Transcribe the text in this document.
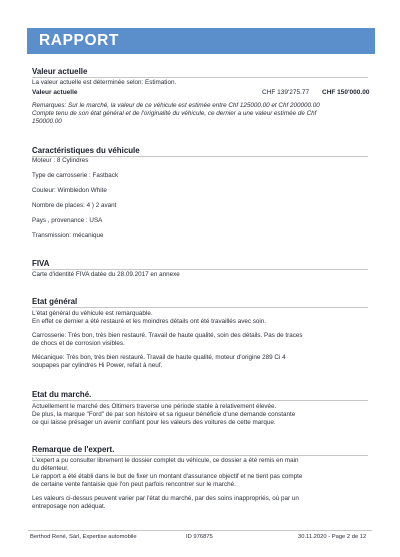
RAPPORT
Valeur actuelle
La valeur actuelle est déterminée selon: Estimation.
Valeur actuelle	CHF 139'275.77 CHF 150'000.00
Remarques: Sur le marché, la valeur de ce véhicule est estimée entre Chf 125000.00 et Chf 200000.00
Compte tenu de son état général et de l'originalité du véhicule, ce dernier a une valeur estimée de Chf
150000.00
Caractéristiques du véhicule
Moteur : 8 Cylindres
Type de carrosserie : Fastback
Couleur: Wimbledon White
Nombre de places: 4 ) 2 avant
Pays , provenance : USA
Transmission: mécanique
FIVA
Carte d'identité FIVA datée du 28.09.2017 en annexe
Etat général
L'état général du véhicule est remarquable.
En effet ce dernier a été restauré et les moindres détails ont été travaillés avec soin.
Carrosserie: Très bon, très bien restauré. Travail de haute qualité, soin des détails. Pas de traces
de chocs et de corrosion visibles.
Mécanique: Très bon, très bien restauré. Travail de haute qualité, moteur d'origine 289 Ci 4
soupapes par cylindres Hi Power, refait à neuf.
Etat du marché.
Actuellement le marché des Oltimers traverse une période stable à relativement élevée.
De plus, la marque "Ford" de par son histoire et sa rigueur bénéficie d'une demande constante
ce qui laisse présager un avenir confiant pour les valeurs des voitures de cette marque.
Remarque de l'expert.
L'expert a pu consulter librement le dossier complet du véhicule, ce dossier a été remis en main
du détenteur.
Le rapport a été établi dans le but de fixer un montant d'assurance objectif et ne tient pas compte
de certaine vente fantaisie que l'on peut parfois rencontrer sur le marché.
Les valeurs ci-dessus peuvent varier par l'état du marché, par des soins inappropriés, où par un
entreposage non adéquat.
Berthod René, Sàrl, Expertise automobile	ID 976875	30.11.2020 - Page 2 de 12
